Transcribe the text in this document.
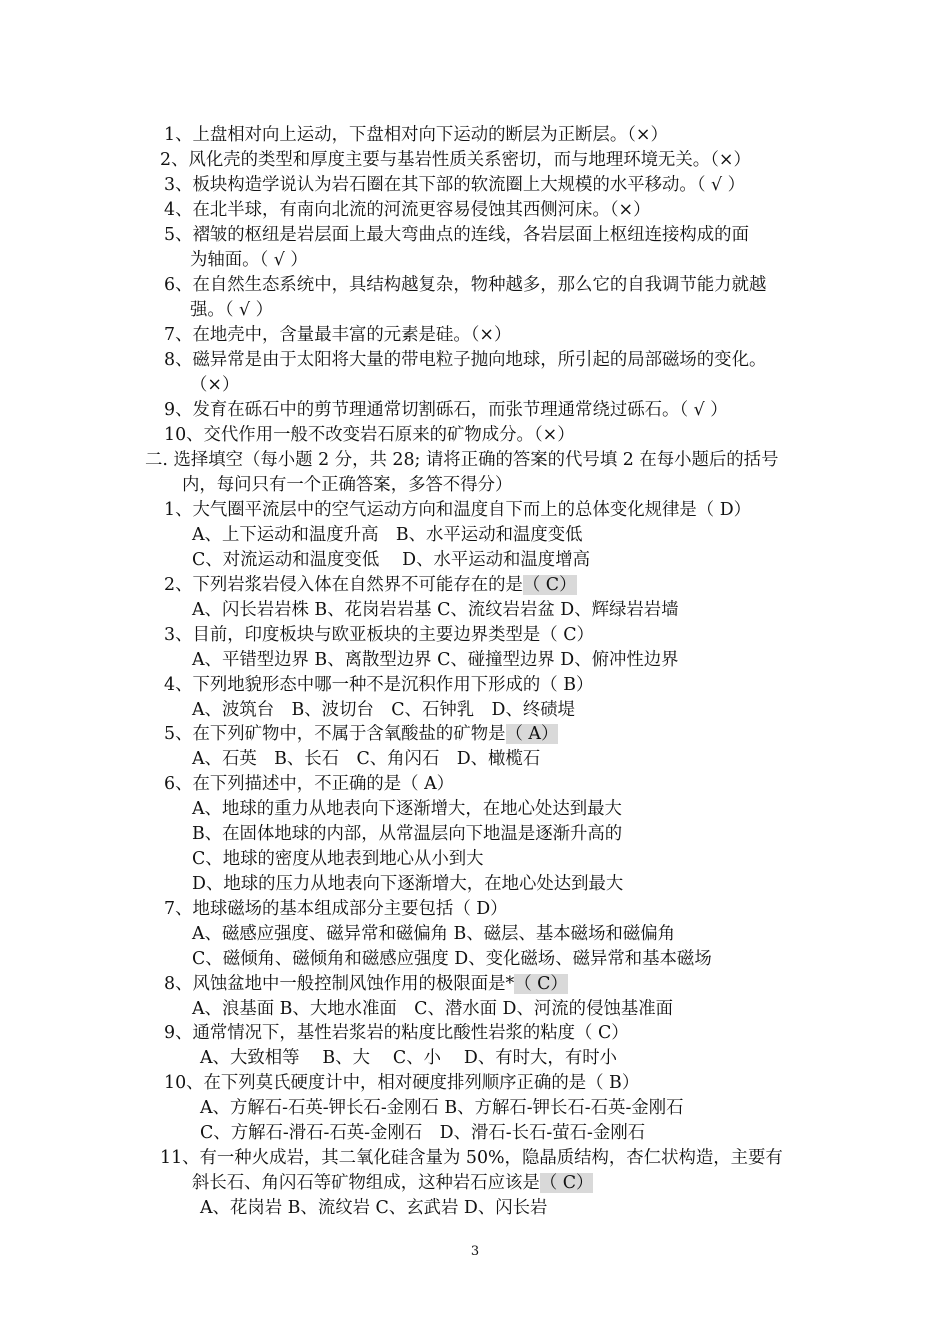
1、上盘相对向上运动，下盘相对向下运动的断层为正断层。（×）
2、风化壳的类型和厚度主要与基岩性质关系密切，而与地理环境无关。（×）
3、板块构造学说认为岩石圈在其下部的软流圈上大规模的水平移动。（ √ ）
4、在北半球，有南向北流的河流更容易侵蚀其西侧河床。（×）
5、褶皱的枢纽是岩层面上最大弯曲点的连线，各岩层面上枢纽连接构成的面
为轴面。（ √ ）
6、在自然生态系统中，具结构越复杂，物种越多，那么它的自我调节能力就越
强。（ √ ）
7、在地壳中，含量最丰富的元素是硅。（×）
8、磁异常是由于太阳将大量的带电粒子抛向地球，所引起的局部磁场的变化。
（×）
9、发育在砾石中的剪节理通常切割砾石，而张节理通常绕过砾石。（ √ ）
10、交代作用一般不改变岩石原来的矿物成分。（×）
二. 选择填空（每小题 2 分，共 28; 请将正确的答案的代号填 2 在每小题后的括号
内，每问只有一个正确答案，多答不得分）
1、大气圈平流层中的空气运动方向和温度自下而上的总体变化规律是（ D）
A、上下运动和温度升高　B、水平运动和温度变低
C、对流运动和温度变低　 D、水平运动和温度增高
2、下列岩浆岩侵入体在自然界不可能存在的是（ C）
A、闪长岩岩株 B、花岗岩岩基 C、流纹岩岩盆 D、辉绿岩岩墙
3、目前，印度板块与欧亚板块的主要边界类型是（ C）
A、平错型边界 B、离散型边界 C、碰撞型边界 D、俯冲性边界
4、下列地貌形态中哪一种不是沉积作用下形成的（ B）
A、波筑台　B、波切台　C、石钟乳　D、终碛堤
5、在下列矿物中，不属于含氧酸盐的矿物是（ A）
A、石英　B、长石　C、角闪石　D、橄榄石
6、在下列描述中，不正确的是（ A）
A、地球的重力从地表向下逐渐增大，在地心处达到最大
B、在固体地球的内部，从常温层向下地温是逐渐升高的
C、地球的密度从地表到地心从小到大
D、地球的压力从地表向下逐渐增大，在地心处达到最大
7、地球磁场的基本组成部分主要包括（ D）
A、磁感应强度、磁异常和磁偏角 B、磁层、基本磁场和磁偏角
C、磁倾角、磁倾角和磁感应强度 D、变化磁场、磁异常和基本磁场
8、风蚀盆地中一般控制风蚀作用的极限面是*（ C）
A、浪基面 B、大地水准面　C、潜水面 D、河流的侵蚀基准面
9、通常情况下，基性岩浆岩的粘度比酸性岩浆的粘度（ C）
A、大致相等　 B、大　 C、小　 D、有时大，有时小
10、在下列莫氏硬度计中，相对硬度排列顺序正确的是（ B）
A、方解石-石英-钾长石-金刚石 B、方解石-钾长石-石英-金刚石
C、方解石-滑石-石英-金刚石　D、滑石-长石-萤石-金刚石
11、有一种火成岩，其二氧化硅含量为 50%，隐晶质结构，杏仁状构造，主要有
斜长石、角闪石等矿物组成，这种岩石应该是（ C）
A、花岗岩 B、流纹岩 C、玄武岩 D、闪长岩
3
